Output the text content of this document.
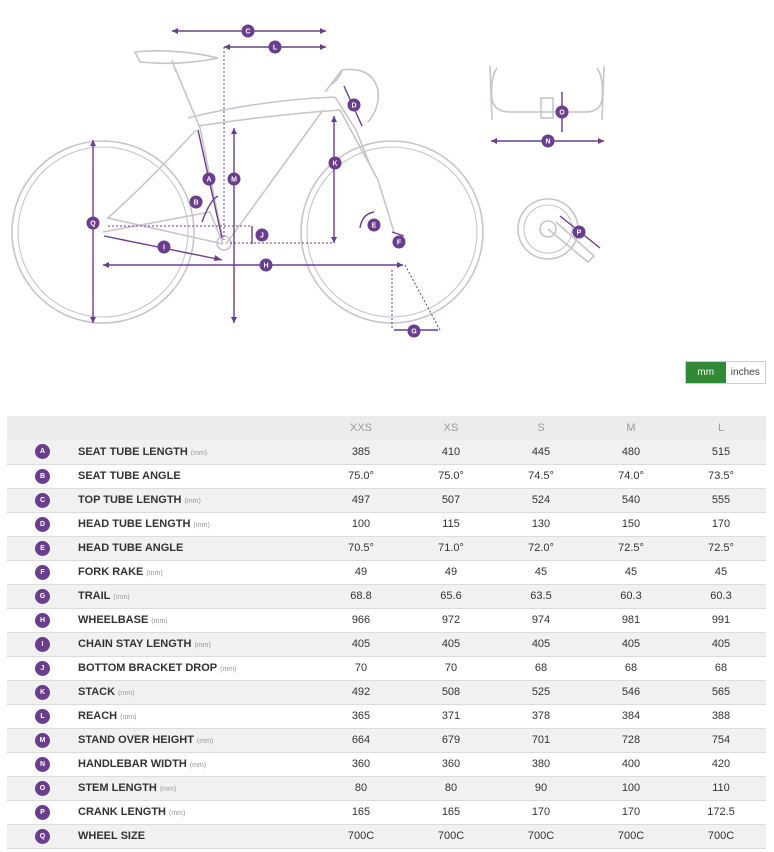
A
B
C
D
E
F
G
H
I
J
K
L
M
N
O
P
Q
mm	inches
		XXS	XS	S	M	L
A	SEAT TUBE LENGTH (mm)	385	410	445	480	515
B	SEAT TUBE ANGLE	75.0°	75.0°	74.5°	74.0°	73.5°
C	TOP TUBE LENGTH (mm)	497	507	524	540	555
D	HEAD TUBE LENGTH (mm)	100	115	130	150	170
E	HEAD TUBE ANGLE	70.5°	71.0°	72.0°	72.5°	72.5°
F	FORK RAKE (mm)	49	49	45	45	45
G	TRAIL (mm)	68.8	65.6	63.5	60.3	60.3
H	WHEELBASE (mm)	966	972	974	981	991
I	CHAIN STAY LENGTH (mm)	405	405	405	405	405
J	BOTTOM BRACKET DROP (mm)	70	70	68	68	68
K	STACK (mm)	492	508	525	546	565
L	REACH (mm)	365	371	378	384	388
M	STAND OVER HEIGHT (mm)	664	679	701	728	754
N	HANDLEBAR WIDTH (mm)	360	360	380	400	420
O	STEM LENGTH (mm)	80	80	90	100	110
P	CRANK LENGTH (mm)	165	165	170	170	172.5
Q	WHEEL SIZE	700C	700C	700C	700C	700C
